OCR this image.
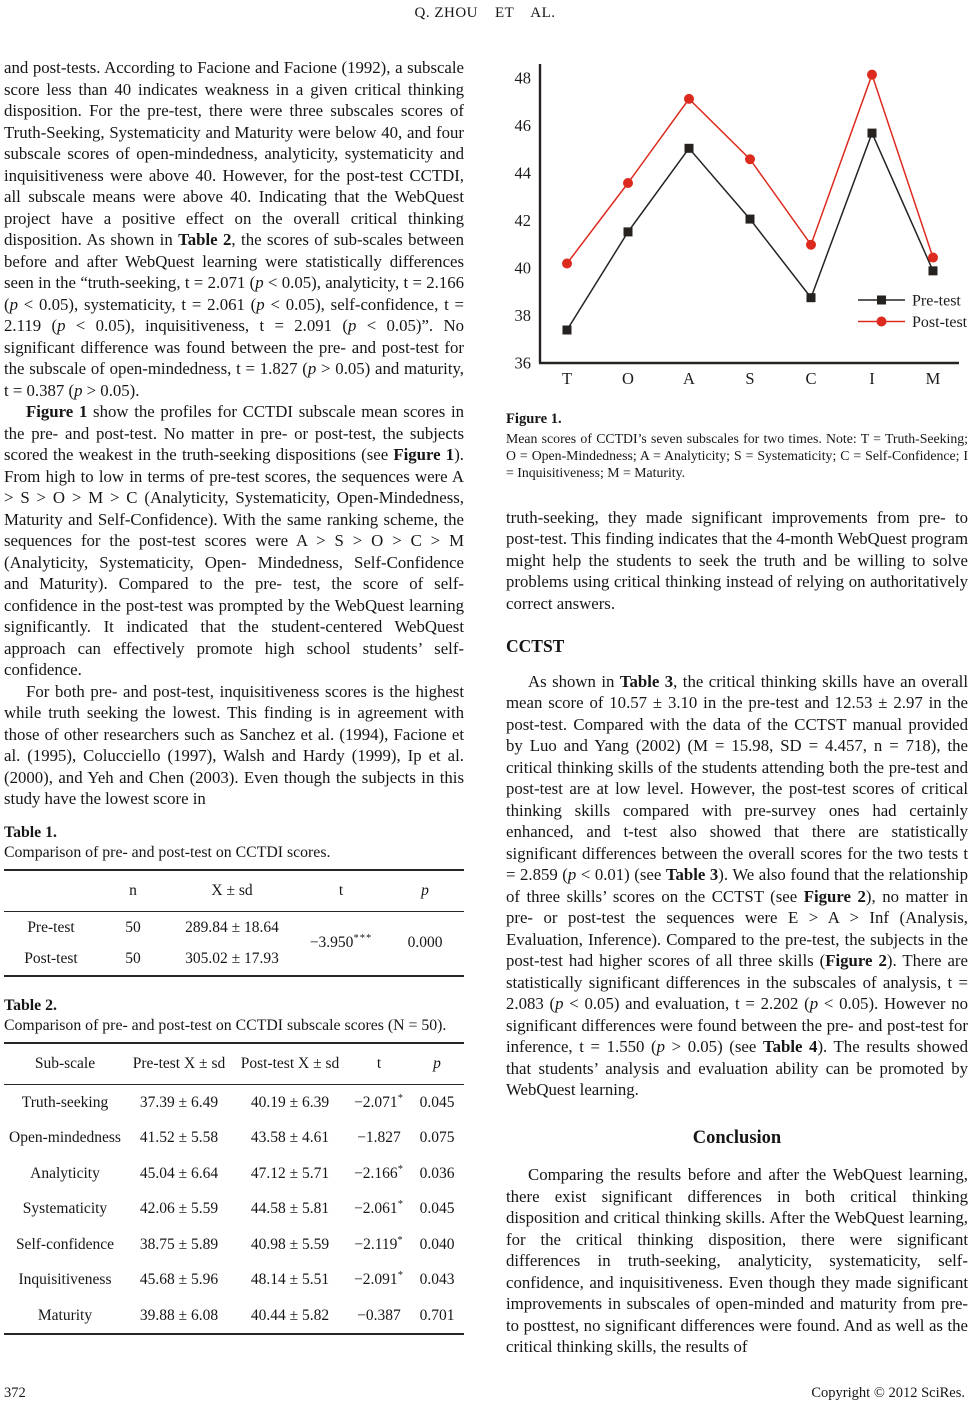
Q. ZHOU    ET    AL.

and post-tests. According to Facione and Facione (1992), a subscale score less than 40 indicates weakness in a given critical thinking disposition. For the pre-test, there were three subscales scores of Truth-Seeking, Systematicity and Maturity were below 40, and four subscale scores of open-mindedness, analyticity, systematicity and inquisitiveness were above 40. However, for the post-test CCTDI, all subscale means were above 40. Indicating that the WebQuest project have a positive effect on the overall critical thinking disposition. As shown in Table 2, the scores of sub-scales between before and after WebQuest learning were statistically differences seen in the “truth-seeking, t = 2.071 (p < 0.05), analyticity, t = 2.166 (p < 0.05), systematicity, t = 2.061 (p < 0.05), self-confidence, t = 2.119 (p < 0.05), inquisitiveness, t = 2.091 (p < 0.05)”. No significant difference was found between the pre- and post-test for the subscale of open-mindedness, t = 1.827 (p > 0.05) and maturity, t = 0.387 (p > 0.05).

Figure 1 show the profiles for CCTDI subscale mean scores in the pre- and post-test. No matter in pre- or post-test, the subjects scored the weakest in the truth-seeking dispositions (see Figure 1). From high to low in terms of pre-test scores, the sequences were A > S > O > M > C (Analyticity, Systematicity, Open-Mindedness, Maturity and Self-Confidence). With the same ranking scheme, the sequences for the post-test scores were A > S > O > C > M (Analyticity, Systematicity, Open- Mindedness, Self-Confidence and Maturity). Compared to the pre- test, the score of self-confidence in the post-test was prompted by the WebQuest learning significantly. It indicated that the student-centered WebQuest approach can effectively promote high school students’ self-confidence.

For both pre- and post-test, inquisitiveness scores is the highest while truth seeking the lowest. This finding is in agreement with those of other researchers such as Sanchez et al. (1994), Facione et al. (1995), Colucciello (1997), Walsh and Hardy (1999), Ip et al. (2000), and Yeh and Chen (2003). Even though the subjects in this study have the lowest score in

Table 1.
Comparison of pre- and post-test on CCTDI scores.
	n	X ± sd	t	p
Pre-test	50	289.84 ± 18.64	−3.950***	0.000
Post-test	50	305.02 ± 17.93		
Table 2.
Comparison of pre- and post-test on CCTDI subscale scores (N = 50).
Sub-scale	Pre-test X ± sd	Post-test X ± sd	t	p
Truth-seeking	37.39 ± 6.49	40.19 ± 6.39	−2.071*	0.045
Open-mindedness	41.52 ± 5.58	43.58 ± 4.61	−1.827	0.075
Analyticity	45.04 ± 6.64	47.12 ± 5.71	−2.166*	0.036
Systematicity	42.06 ± 5.59	44.58 ± 5.81	−2.061*	0.045
Self-confidence	38.75 ± 5.89	40.98 ± 5.59	−2.119*	0.040
Inquisitiveness	45.68 ± 5.96	48.14 ± 5.51	−2.091*	0.043
Maturity	39.88 ± 6.08	40.44 ± 5.82	−0.387	0.701
36
38
40
42
44
46
48
T	O	A	S	C	I	M
Pre-test
Post-test
Figure 1.
Mean scores of CCTDI’s seven subscales for two times. Note: T = Truth-Seeking; O = Open-Mindedness; A = Analyticity; S = Systematicity; C = Self-Confidence; I = Inquisitiveness; M = Maturity.

truth-seeking, they made significant improvements from pre- to post-test. This finding indicates that the 4-month WebQuest program might help the students to seek the truth and be willing to solve problems using critical thinking instead of relying on authoritatively correct answers.

CCTST

As shown in Table 3, the critical thinking skills have an overall mean score of 10.57 ± 3.10 in the pre-test and 12.53 ± 2.97 in the post-test. Compared with the data of the CCTST manual provided by Luo and Yang (2002) (M = 15.98, SD = 4.457, n = 718), the critical thinking skills of the students attending both the pre-test and post-test are at low level. However, the post-test scores of critical thinking skills compared with pre-survey ones had certainly enhanced, and t-test also showed that there are statistically significant differences between the overall scores for the two tests t = 2.859 (p < 0.01) (see Table 3). We also found that the relationship of three skills’ scores on the CCTST (see Figure 2), no matter in pre- or post-test the sequences were E > A > Inf (Analysis, Evaluation, Inference). Compared to the pre-test, the subjects in the post-test had higher scores of all three skills (Figure 2). There are statistically significant differences in the subscales of analysis, t = 2.083 (p < 0.05) and evaluation, t = 2.202 (p < 0.05). However no significant differences were found between the pre- and post-test for inference, t = 1.550 (p > 0.05) (see Table 4). The results showed that students’ analysis and evaluation ability can be promoted by WebQuest learning.

Conclusion

Comparing the results before and after the WebQuest learning, there exist significant differences in both critical thinking disposition and critical thinking skills. After the WebQuest learning, for the critical thinking disposition, there were significant differences in truth-seeking, analyticity, systematicity, self-confidence, and inquisitiveness. Even though they made significant improvements in subscales of open-minded and maturity from pre- to posttest, no significant differences were found. And as well as the critical thinking skills, the results of

372	Copyright © 2012 SciRes.
